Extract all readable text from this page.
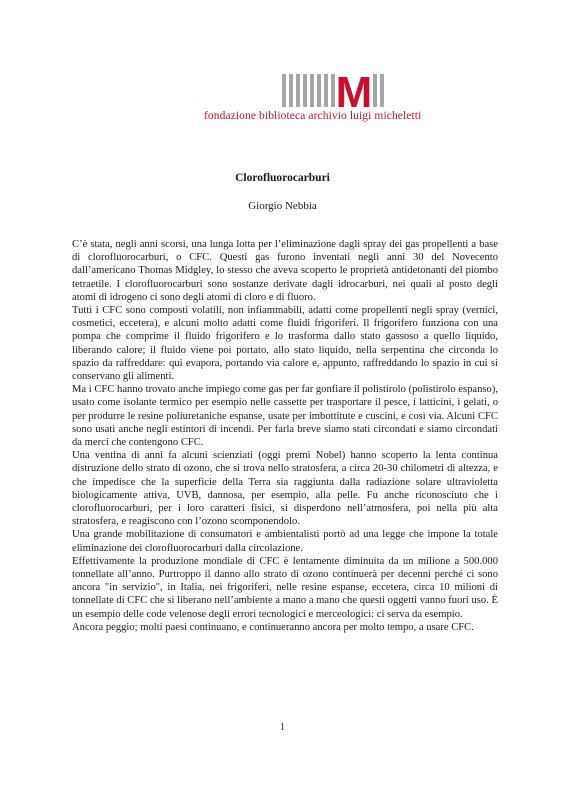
M
fondazione biblioteca archivio luigi micheletti
Clorofluorocarburi
Giorgio Nebbia

C’è stata, negli anni scorsi, una lunga lotta per l’eliminazione dagli spray dei gas propellenti a base di clorofluorocarburi, o CFC. Questi gas furono inventati negli anni 30 del Novecento dall’americano Thomas Midgley, lo stesso che aveva scoperto le proprietà antidetonanti del piombo tetraetile. I clorofluorocarburi sono sostanze derivate dagli idrocarburi, nei quali al posto degli atomi di idrogeno ci sono degli atomi di cloro e di fluoro.

Tutti i CFC sono composti volatili, non infiammabili, adatti come propellenti negli spray (vernici, cosmetici, eccetera), e alcuni molto adatti come fluidi frigoriferi. Il frigorifero funziona con una pompa che comprime il fluido frigorifero e lo trasforma dallo stato gassoso a quello liquido, liberando calore; il fluido viene poi portato, allo stato liquido, nella serpentina che circonda lo spazio da raffreddare: qui evapora, portando via calore e, appunto, raffreddando lo spazio in cui si conservano gli alimenti.

Ma i CFC hanno trovato anche impiego come gas per far gonfiare il polistirolo (polistirolo espanso), usato come isolante termico per esempio nelle cassette per trasportare il pesce, i latticini, i gelati, o per produrre le resine poliuretaniche espanse, usate per imbottitute e cuscini, e così via. Alcuni CFC sono usati anche negli estintori di incendi. Per farla breve siamo stati circondati e siamo circondati da merci che contengono CFC.

Una ventina di anni fa alcuni scienziati (oggi premi Nobel) hanno scoperto la lenta continua distruzione dello strato di ozono, che si trova nello stratosfera, a circa 20-30 chilometri di altezza, e che impedisce che la superficie della Terra sia raggiunta dalla radiazione solare ultravioletta biologicamente attiva, UVB, dannosa, per esempio, alla pelle. Fu anche riconosciuto che i clorofluorocarburi, per i loro caratteri fisici, si disperdono nell’atmosfera, poi nella più alta stratosfera, e reagiscono con l’ozono scomponendolo.

Una grande mobilitazione di consumatori e ambientalisti portò ad una legge che impone la totale eliminazione dei clorofluorocarburi dalla circolazione.

Effettivamente la produzione mondiale di CFC è lentamente diminuita da un milione a 500.000 tonnellate all’anno. Purtroppo il danno allo strato di ozono continuerà per decenni perché ci sono ancora "in servizio", in Italia, nei frigoriferi, nelle resine espanse, eccetera, circa 10 milioni di tonnellate di CFC che si liberano nell’ambiente a mano a mano che questi oggetti vanno fuori uso. È un esempio delle code velenose degli errori tecnologici e merceologici: ci serva da esempio.

Ancora peggio; molti paesi continuano, e continueranno ancora per molto tempo, a usare CFC.

1
